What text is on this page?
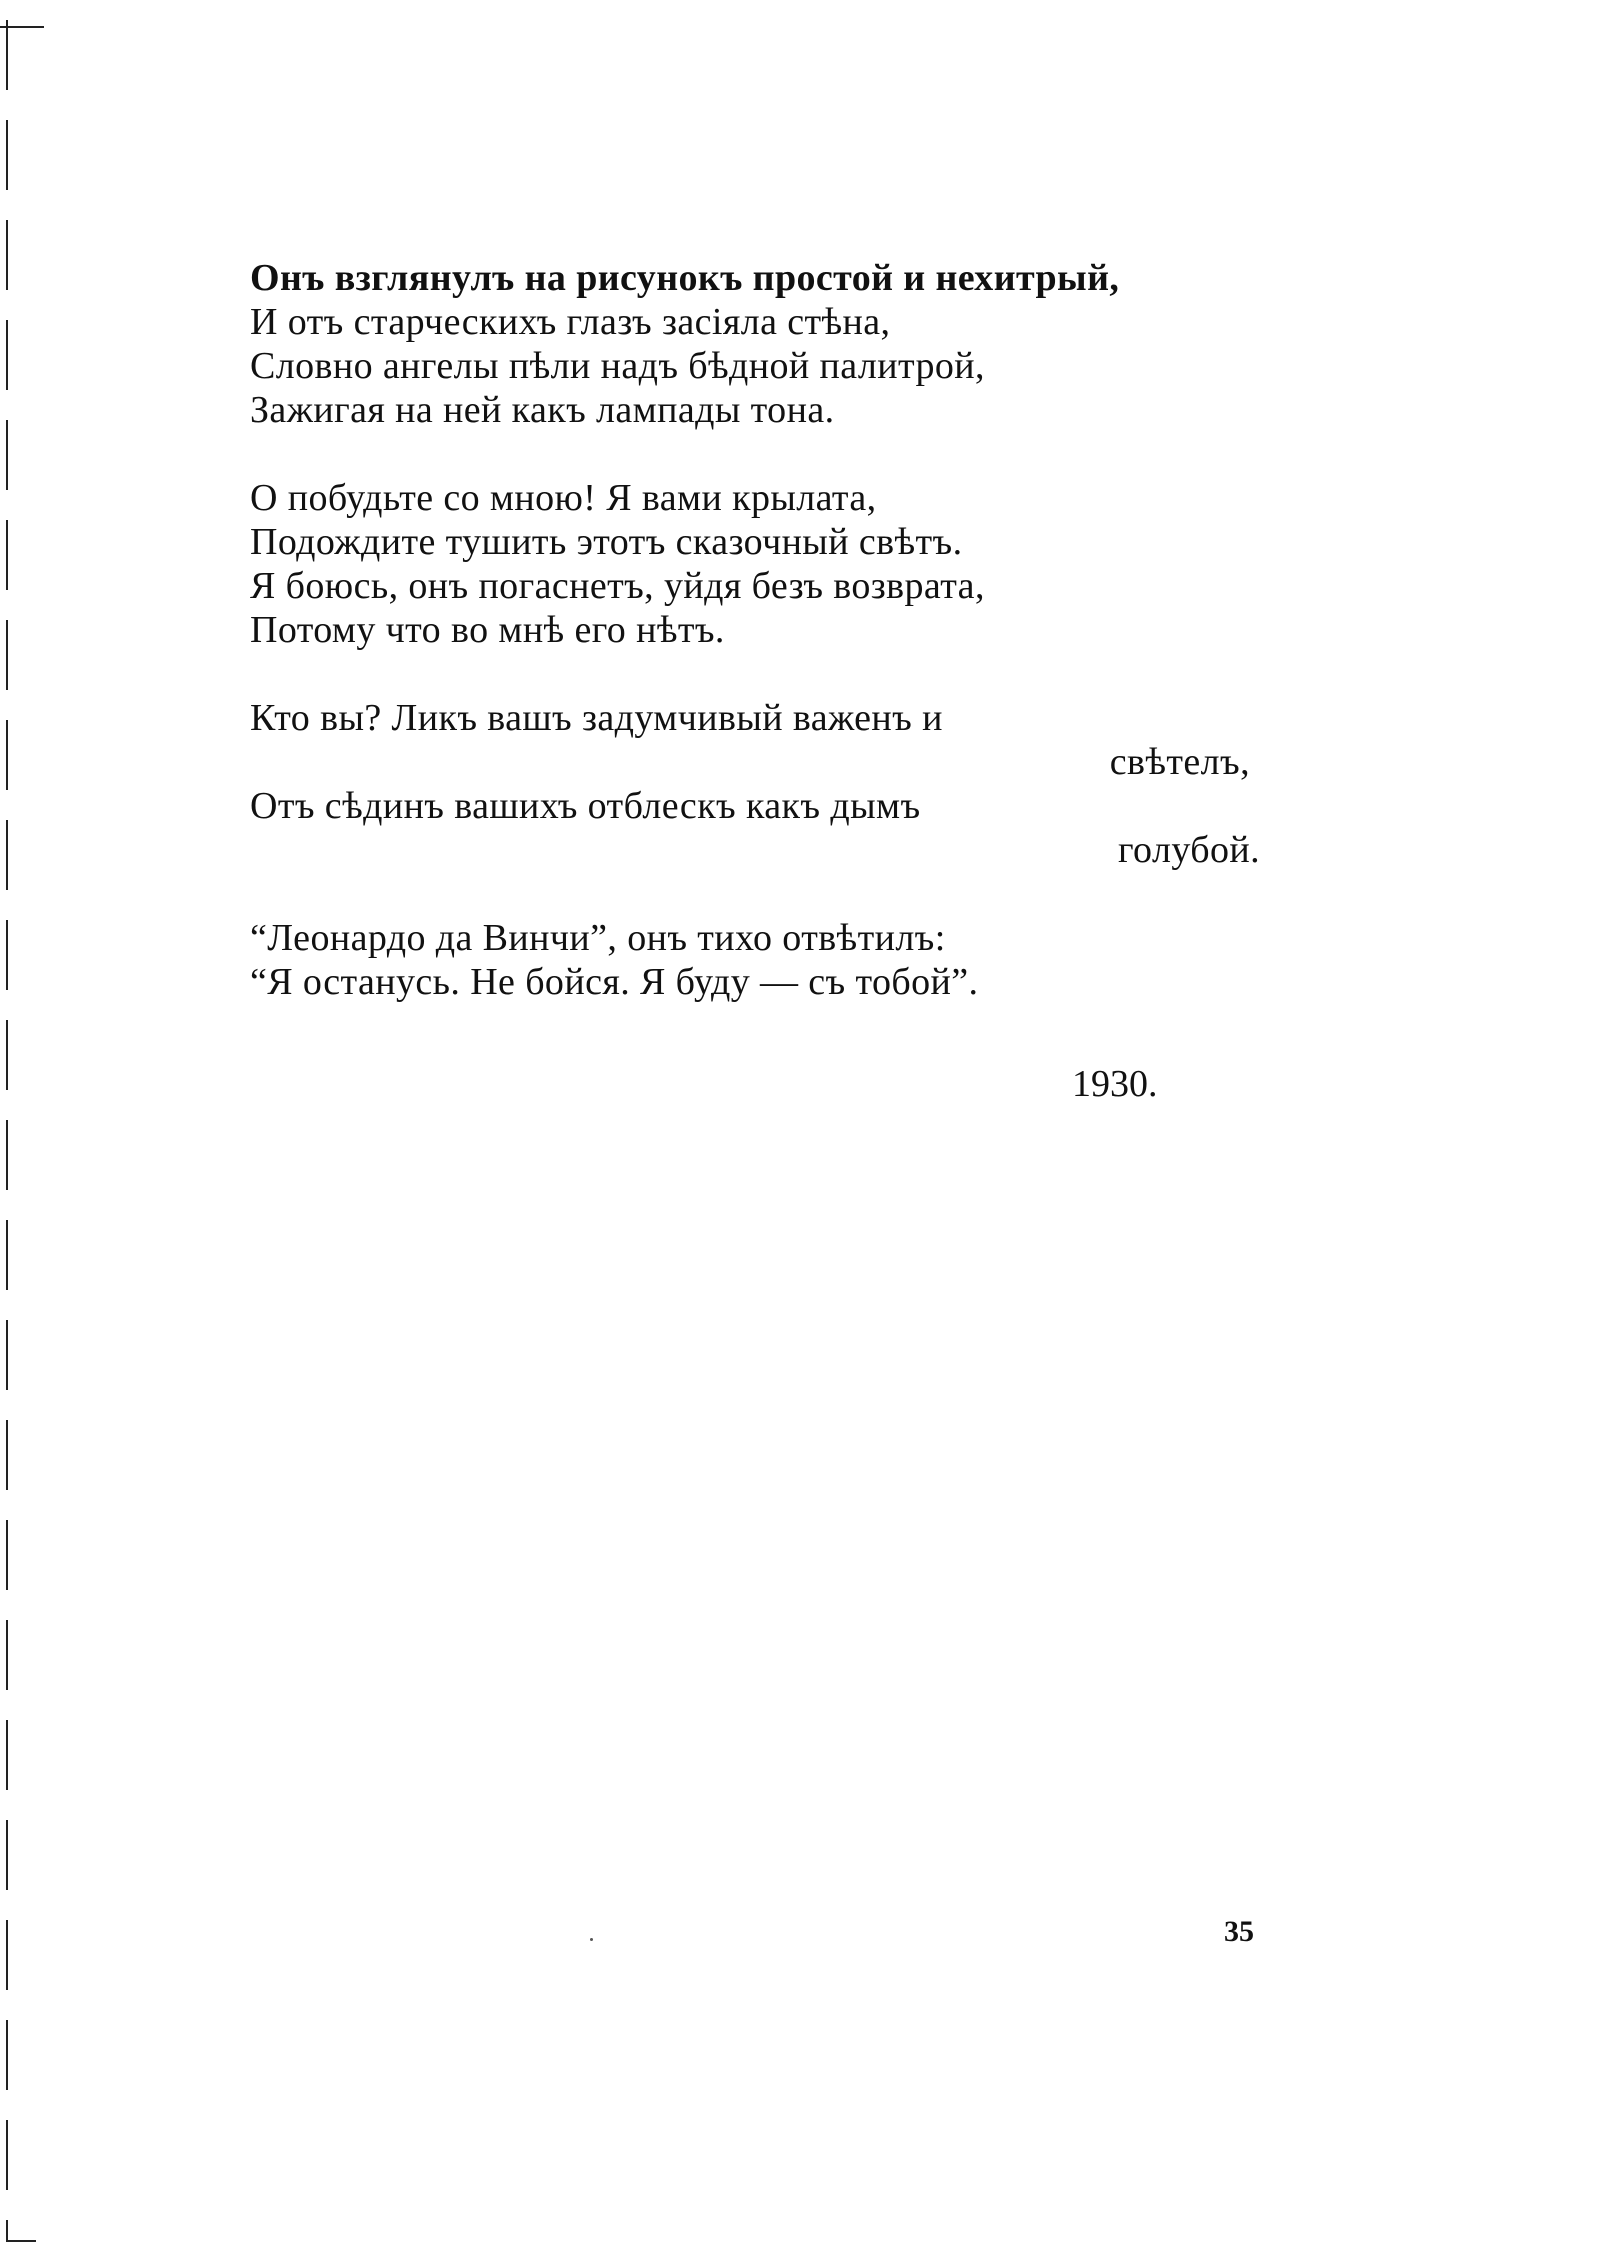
Онъ взглянулъ на рисунокъ простой и нехитрый,
И отъ старческихъ глазъ засіяла стѣна,
Словно ангелы пѣли надъ бѣдной палитрой,
Зажигая на ней какъ лампады тона.
О побудьте со мною! Я вами крылата,
Подождите тушить этотъ сказочный свѣтъ.
Я боюсь, онъ погаснетъ, уйдя безъ возврата,
Потому что во мнѣ его нѣтъ.
Кто вы? Ликъ вашъ задумчивый важенъ и
свѣтелъ,
Отъ сѣдинъ вашихъ отблескъ какъ дымъ
голубой.
“Леонардо да Винчи”, онъ тихо отвѣтилъ:
“Я останусь. Не бойся. Я буду — съ тобой”.
1930.
35
